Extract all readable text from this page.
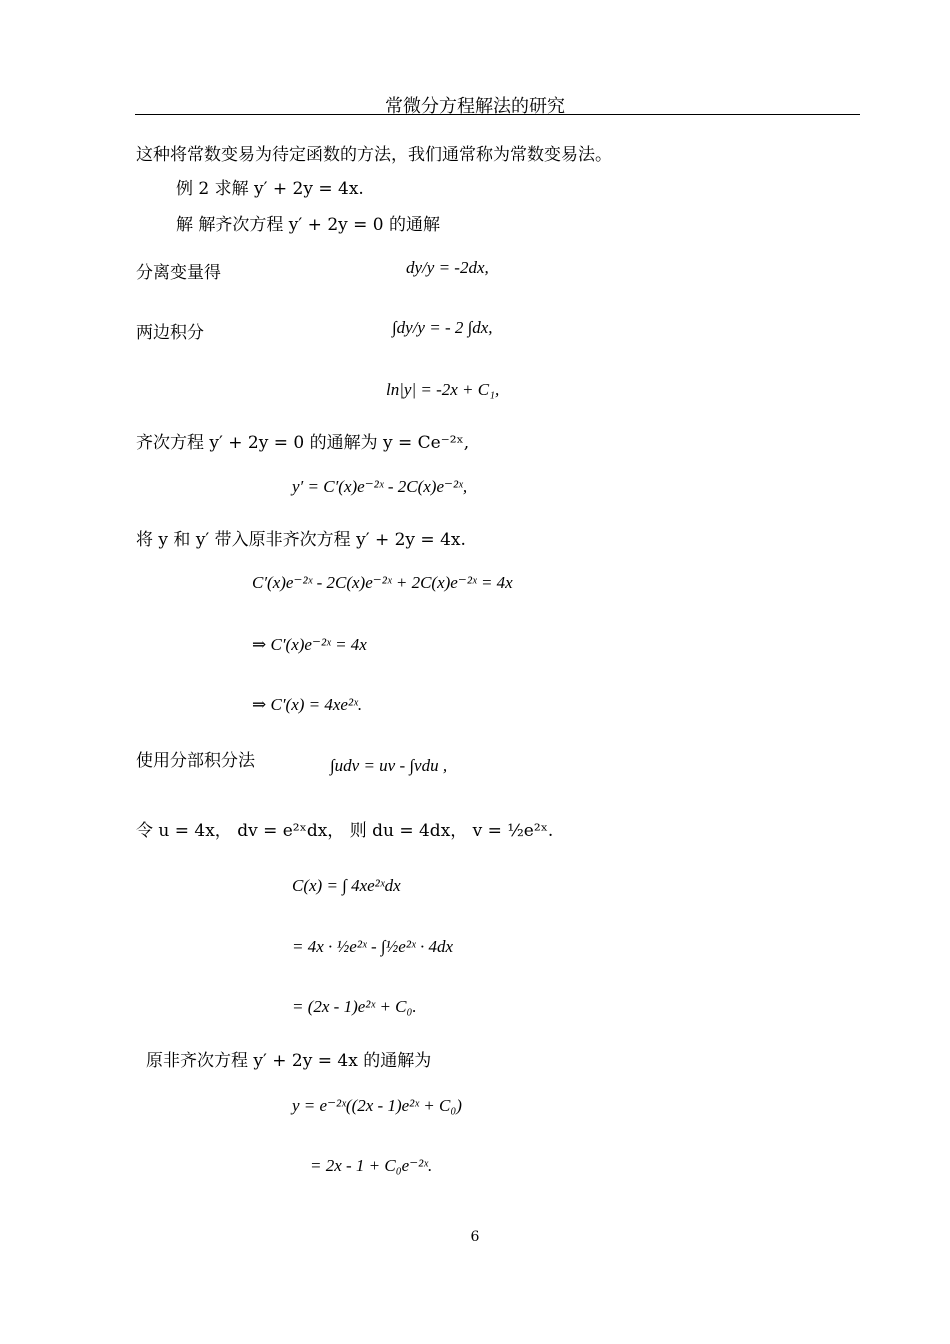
常微分方程解法的研究
这种将常数变易为待定函数的方法，我们通常称为常数变易法。
例 2 求解 y′ + 2y = 4x.
解 解齐次方程 y′ + 2y = 0 的通解
分离变量得	dy/y = -2dx,
两边积分	∫dy/y = - 2 ∫dx,
ln|y| = -2x + C₁,
齐次方程 y′ + 2y = 0 的通解为 y = Ce⁻²ˣ,
y′ = C′(x)e⁻²ˣ - 2C(x)e⁻²ˣ,
将 y 和 y′ 带入原非齐次方程 y′ + 2y = 4x.
C′(x)e⁻²ˣ - 2C(x)e⁻²ˣ + 2C(x)e⁻²ˣ = 4x
⇒ C′(x)e⁻²ˣ = 4x
⇒ C′(x) = 4xe²ˣ.
使用分部积分法	∫udv = uv - ∫vdu ,
令 u = 4x， dv = e²ˣdx， 则 du = 4dx， v = ½e²ˣ.
C(x) = ∫ 4xe²ˣdx
= 4x · ½e²ˣ - ∫½e²ˣ · 4dx
= (2x - 1)e²ˣ + C₀.
原非齐次方程 y′ + 2y = 4x 的通解为
y = e⁻²ˣ((2x - 1)e²ˣ + C₀)
= 2x - 1 + C₀e⁻²ˣ.
6
